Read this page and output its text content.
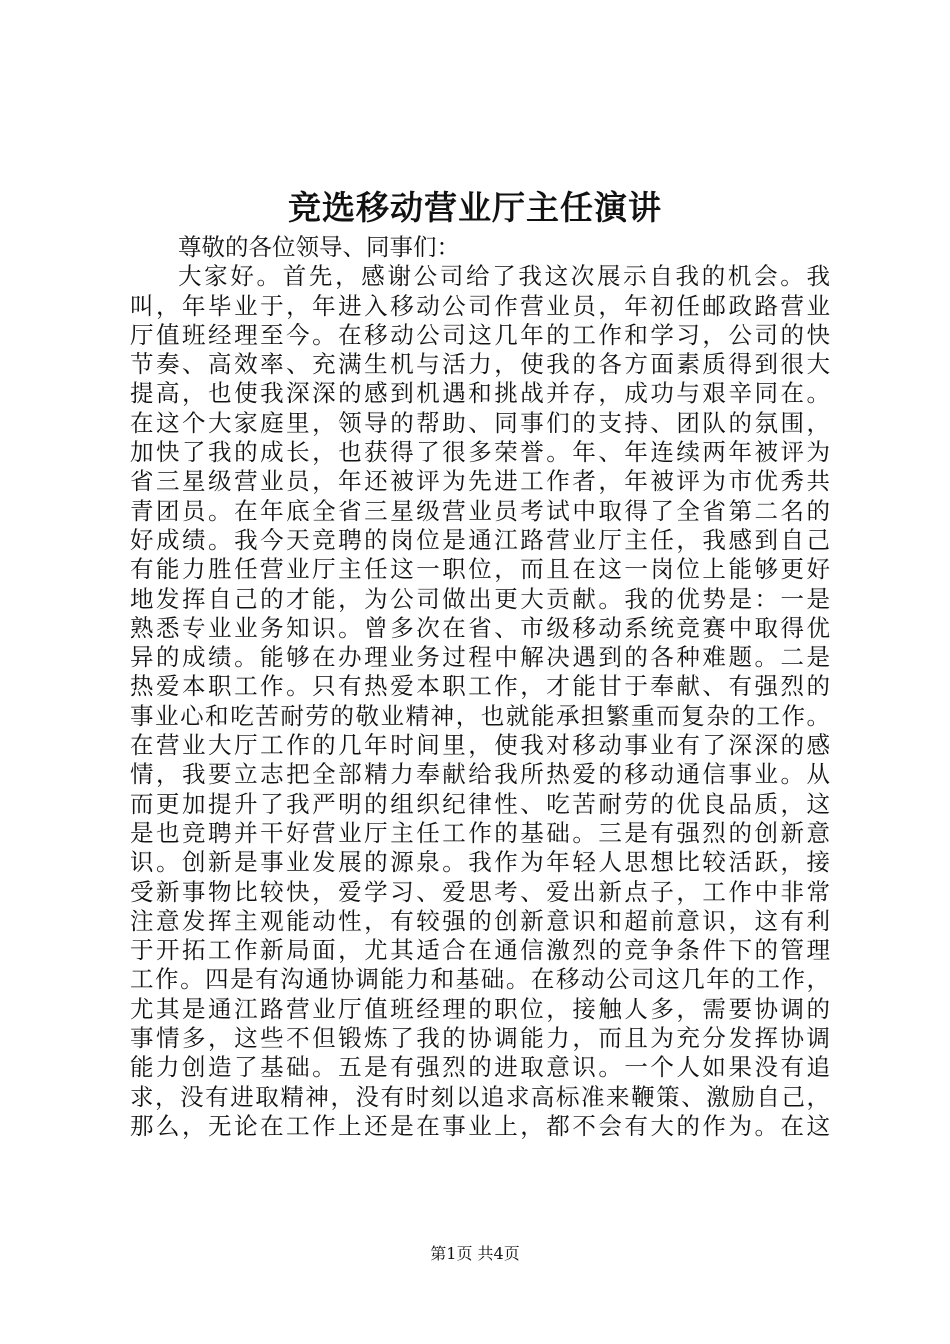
竞选移动营业厅主任演讲
尊敬的各位领导、同事们：
大家好。首先，感谢公司给了我这次展示自我的机会。我
叫，年毕业于，年进入移动公司作营业员，年初任邮政路营业
厅值班经理至今。在移动公司这几年的工作和学习，公司的快
节奏、高效率、充满生机与活力，使我的各方面素质得到很大
提高，也使我深深的感到机遇和挑战并存，成功与艰辛同在。
在这个大家庭里，领导的帮助、同事们的支持、团队的氛围，
加快了我的成长，也获得了很多荣誉。年、年连续两年被评为
省三星级营业员，年还被评为先进工作者，年被评为市优秀共
青团员。在年底全省三星级营业员考试中取得了全省第二名的
好成绩。我今天竞聘的岗位是通江路营业厅主任，我感到自己
有能力胜任营业厅主任这一职位，而且在这一岗位上能够更好
地发挥自己的才能，为公司做出更大贡献。我的优势是：一是
熟悉专业业务知识。曾多次在省、市级移动系统竞赛中取得优
异的成绩。能够在办理业务过程中解决遇到的各种难题。二是
热爱本职工作。只有热爱本职工作，才能甘于奉献、有强烈的
事业心和吃苦耐劳的敬业精神，也就能承担繁重而复杂的工作。
在营业大厅工作的几年时间里，使我对移动事业有了深深的感
情，我要立志把全部精力奉献给我所热爱的移动通信事业。从
而更加提升了我严明的组织纪律性、吃苦耐劳的优良品质，这
是也竞聘并干好营业厅主任工作的基础。三是有强烈的创新意
识。创新是事业发展的源泉。我作为年轻人思想比较活跃，接
受新事物比较快，爱学习、爱思考、爱出新点子，工作中非常
注意发挥主观能动性，有较强的创新意识和超前意识，这有利
于开拓工作新局面，尤其适合在通信激烈的竞争条件下的管理
工作。四是有沟通协调能力和基础。在移动公司这几年的工作，
尤其是通江路营业厅值班经理的职位，接触人多，需要协调的
事情多，这些不但锻炼了我的协调能力，而且为充分发挥协调
能力创造了基础。五是有强烈的进取意识。一个人如果没有追
求，没有进取精神，没有时刻以追求高标准来鞭策、激励自己，
那么，无论在工作上还是在事业上，都不会有大的作为。在这
第1页 共4页
